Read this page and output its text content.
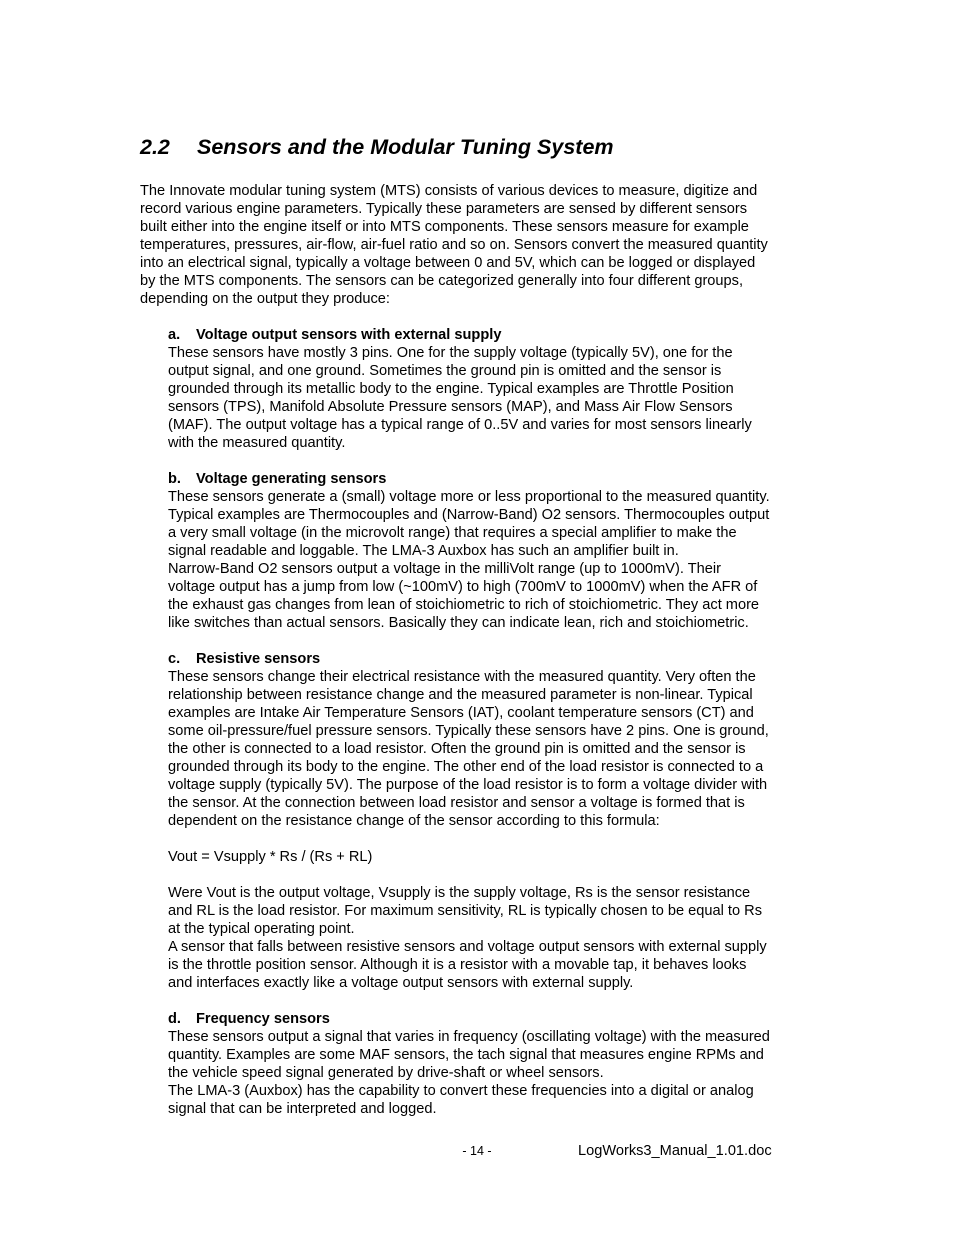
2.2 Sensors and the Modular Tuning System
The Innovate modular tuning system (MTS) consists of various devices to measure, digitize and
record various engine parameters. Typically these parameters are sensed by different sensors
built either into the engine itself or into MTS components. These sensors measure for example
temperatures, pressures, air-flow, air-fuel ratio and so on. Sensors convert the measured quantity
into an electrical signal, typically a voltage between 0 and 5V, which can be logged or displayed
by the MTS components. The sensors can be categorized generally into four different groups,
depending on the output they produce:
a. Voltage output sensors with external supply
These sensors have mostly 3 pins. One for the supply voltage (typically 5V), one for the
output signal, and one ground. Sometimes the ground pin is omitted and the sensor is
grounded through its metallic body to the engine. Typical examples are Throttle Position
sensors (TPS), Manifold Absolute Pressure sensors (MAP), and Mass Air Flow Sensors
(MAF). The output voltage has a typical range of 0..5V and varies for most sensors linearly
with the measured quantity.
b. Voltage generating sensors
These sensors generate a (small) voltage more or less proportional to the measured quantity.
Typical examples are Thermocouples and (Narrow-Band) O2 sensors. Thermocouples output
a very small voltage (in the microvolt range) that requires a special amplifier to make the
signal readable and loggable. The LMA-3 Auxbox has such an amplifier built in.
Narrow-Band O2 sensors output a voltage in the milliVolt range (up to 1000mV). Their
voltage output has a jump from low (~100mV) to high (700mV to 1000mV) when the AFR of
the exhaust gas changes from lean of stoichiometric to rich of stoichiometric. They act more
like switches than actual sensors. Basically they can indicate lean, rich and stoichiometric.
c. Resistive sensors
These sensors change their electrical resistance with the measured quantity. Very often the
relationship between resistance change and the measured parameter is non-linear. Typical
examples are Intake Air Temperature Sensors (IAT), coolant temperature sensors (CT) and
some oil-pressure/fuel pressure sensors. Typically these sensors have 2 pins. One is ground,
the other is connected to a load resistor. Often the ground pin is omitted and the sensor is
grounded through its body to the engine. The other end of the load resistor is connected to a
voltage supply (typically 5V). The purpose of the load resistor is to form a voltage divider with
the sensor. At the connection between load resistor and sensor a voltage is formed that is
dependent on the resistance change of the sensor according to this formula:
Vout = Vsupply * Rs / (Rs + RL)
Were Vout is the output voltage, Vsupply is the supply voltage, Rs is the sensor resistance
and RL is the load resistor. For maximum sensitivity, RL is typically chosen to be equal to Rs
at the typical operating point.
A sensor that falls between resistive sensors and voltage output sensors with external supply
is the throttle position sensor. Although it is a resistor with a movable tap, it behaves looks
and interfaces exactly like a voltage output sensors with external supply.
d. Frequency sensors
These sensors output a signal that varies in frequency (oscillating voltage) with the measured
quantity. Examples are some MAF sensors, the tach signal that measures engine RPMs and
the vehicle speed signal generated by drive-shaft or wheel sensors.
The LMA-3 (Auxbox) has the capability to convert these frequencies into a digital or analog
signal that can be interpreted and logged.
- 14 -	LogWorks3_Manual_1.01.doc
